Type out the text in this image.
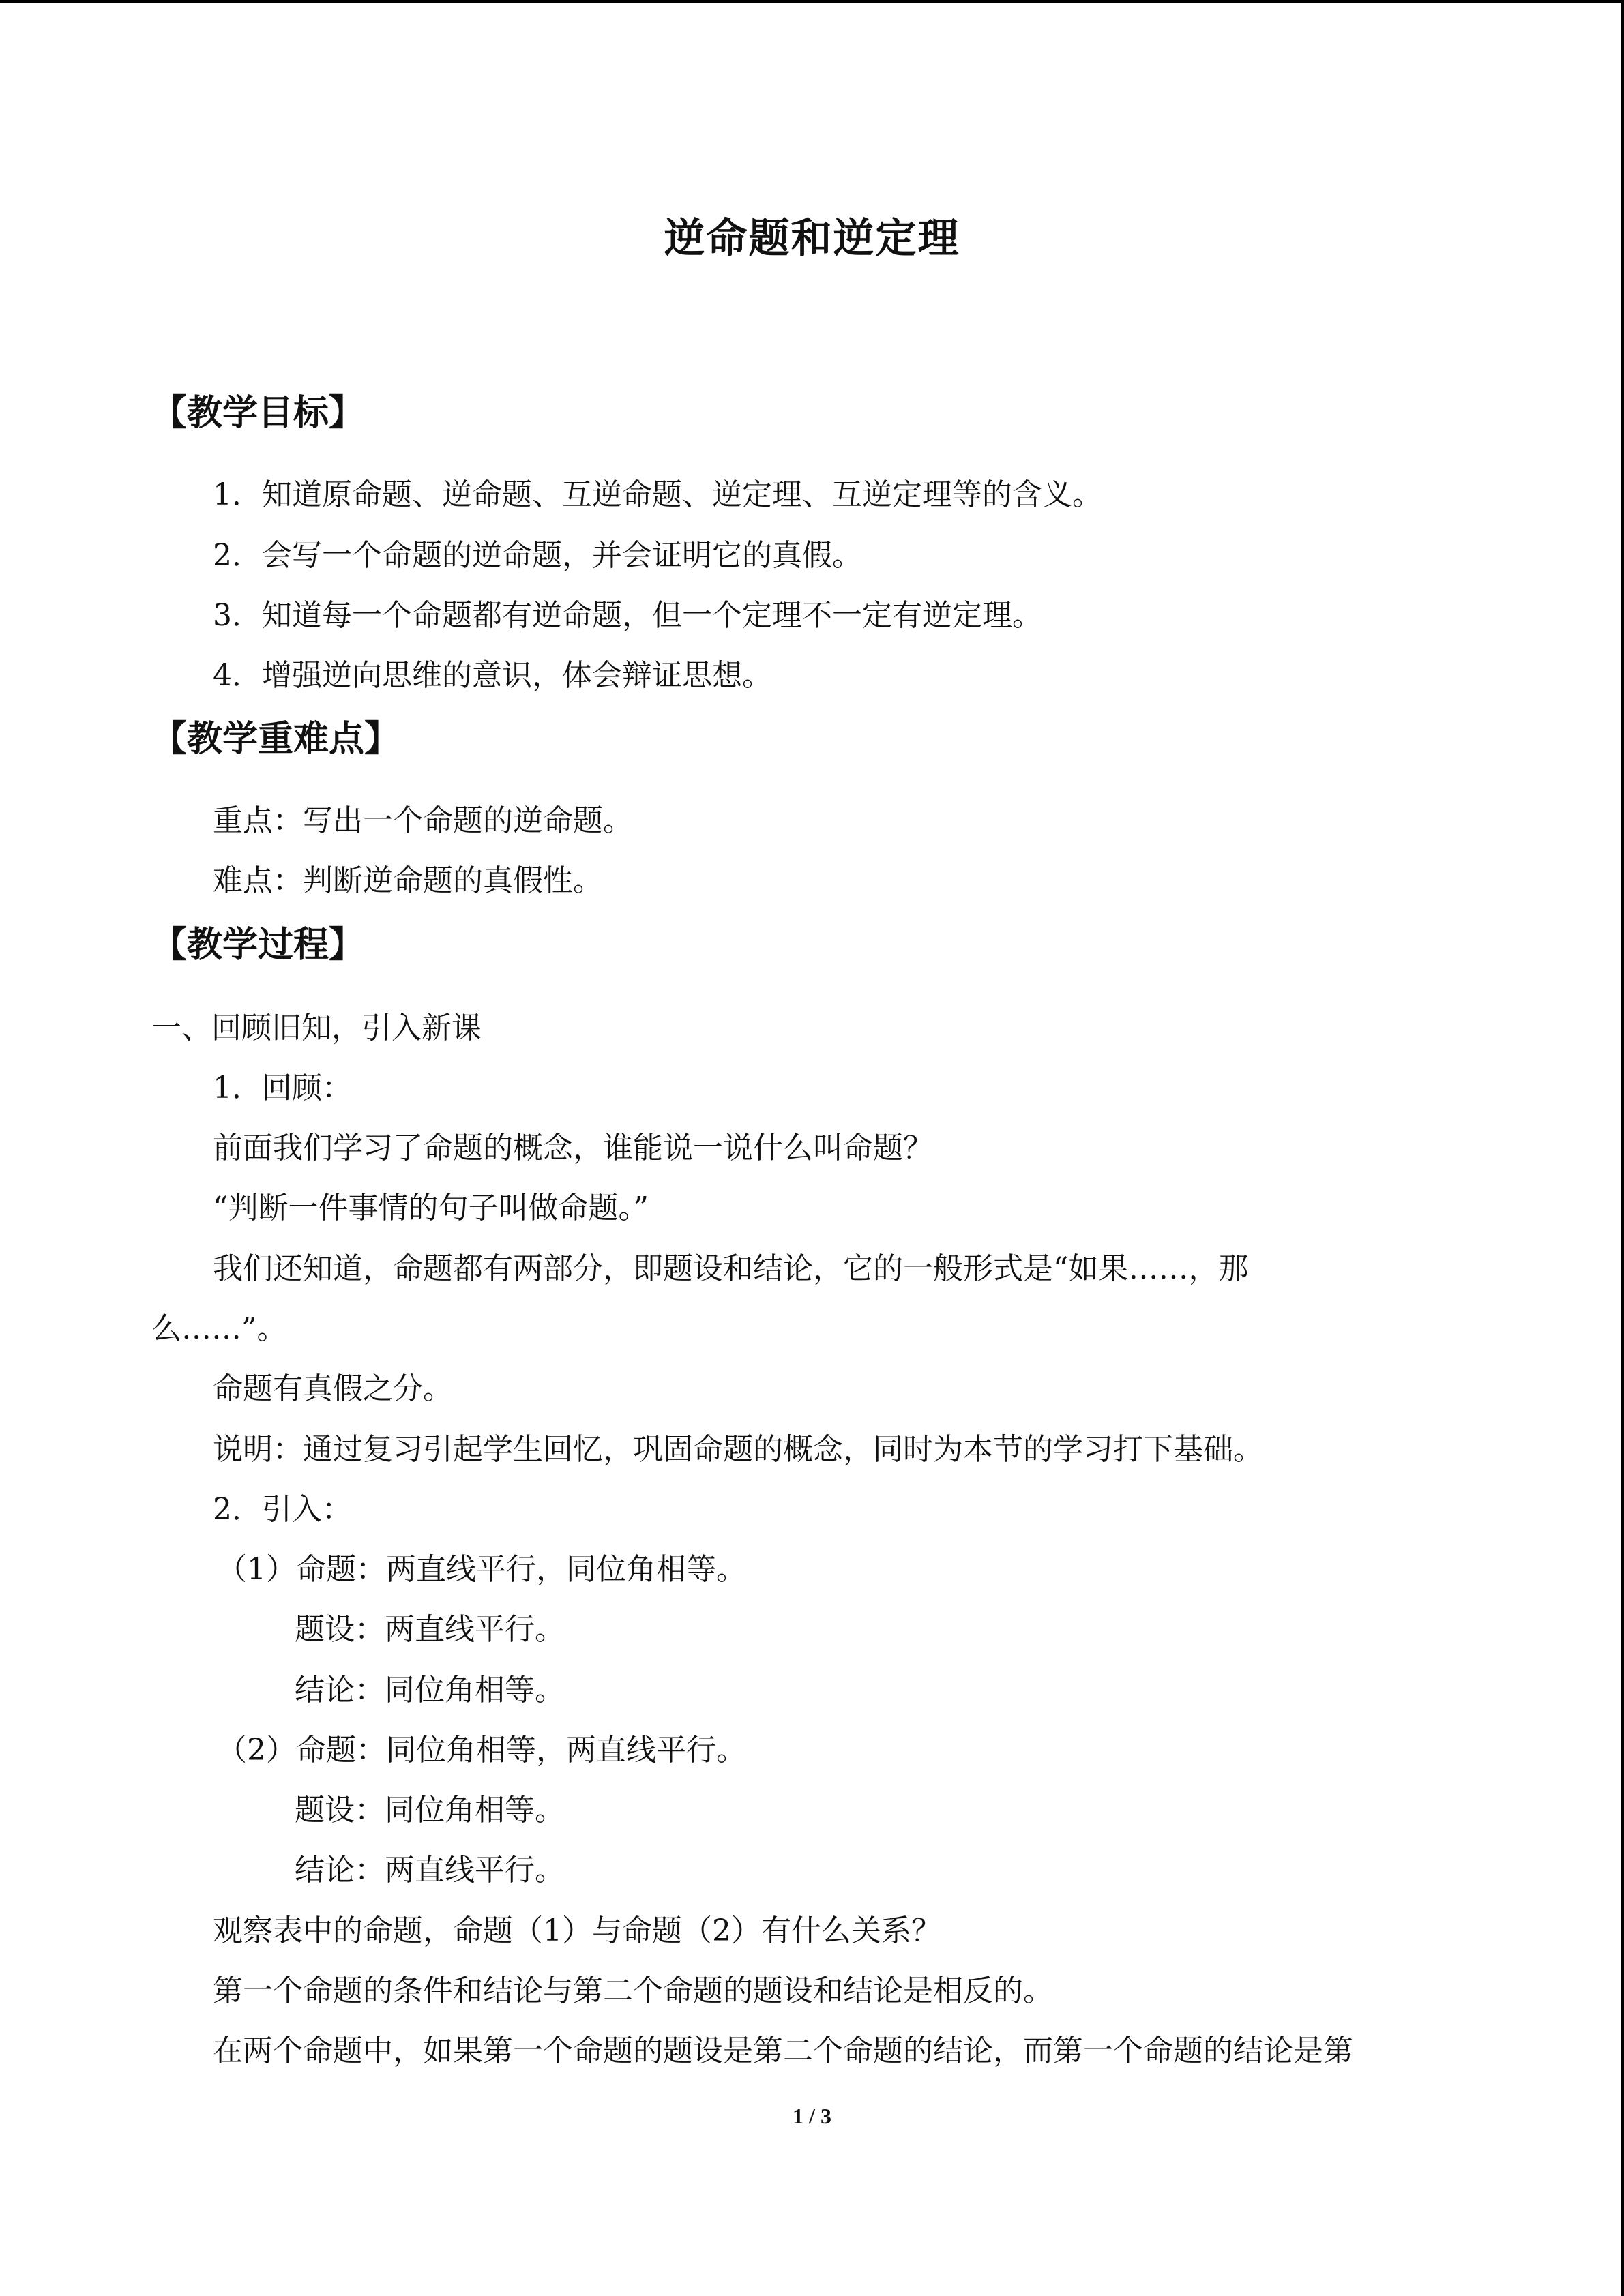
逆命题和逆定理
【教学目标】
1．知道原命题、逆命题、互逆命题、逆定理、互逆定理等的含义。
2．会写一个命题的逆命题，并会证明它的真假。
3．知道每一个命题都有逆命题，但一个定理不一定有逆定理。
4．增强逆向思维的意识，体会辩证思想。
【教学重难点】
重点：写出一个命题的逆命题。
难点：判断逆命题的真假性。
【教学过程】
一、回顾旧知，引入新课
1．回顾：
前面我们学习了命题的概念，谁能说一说什么叫命题？
“判断一件事情的句子叫做命题。”
我们还知道，命题都有两部分，即题设和结论，它的一般形式是“如果……，那
么……”。
命题有真假之分。
说明：通过复习引起学生回忆，巩固命题的概念，同时为本节的学习打下基础。
2．引入：
（1）命题：两直线平行，同位角相等。
题设：两直线平行。
结论：同位角相等。
（2）命题：同位角相等，两直线平行。
题设：同位角相等。
结论：两直线平行。
观察表中的命题，命题（1）与命题（2）有什么关系？
第一个命题的条件和结论与第二个命题的题设和结论是相反的。
在两个命题中，如果第一个命题的题设是第二个命题的结论，而第一个命题的结论是第
1 / 3
